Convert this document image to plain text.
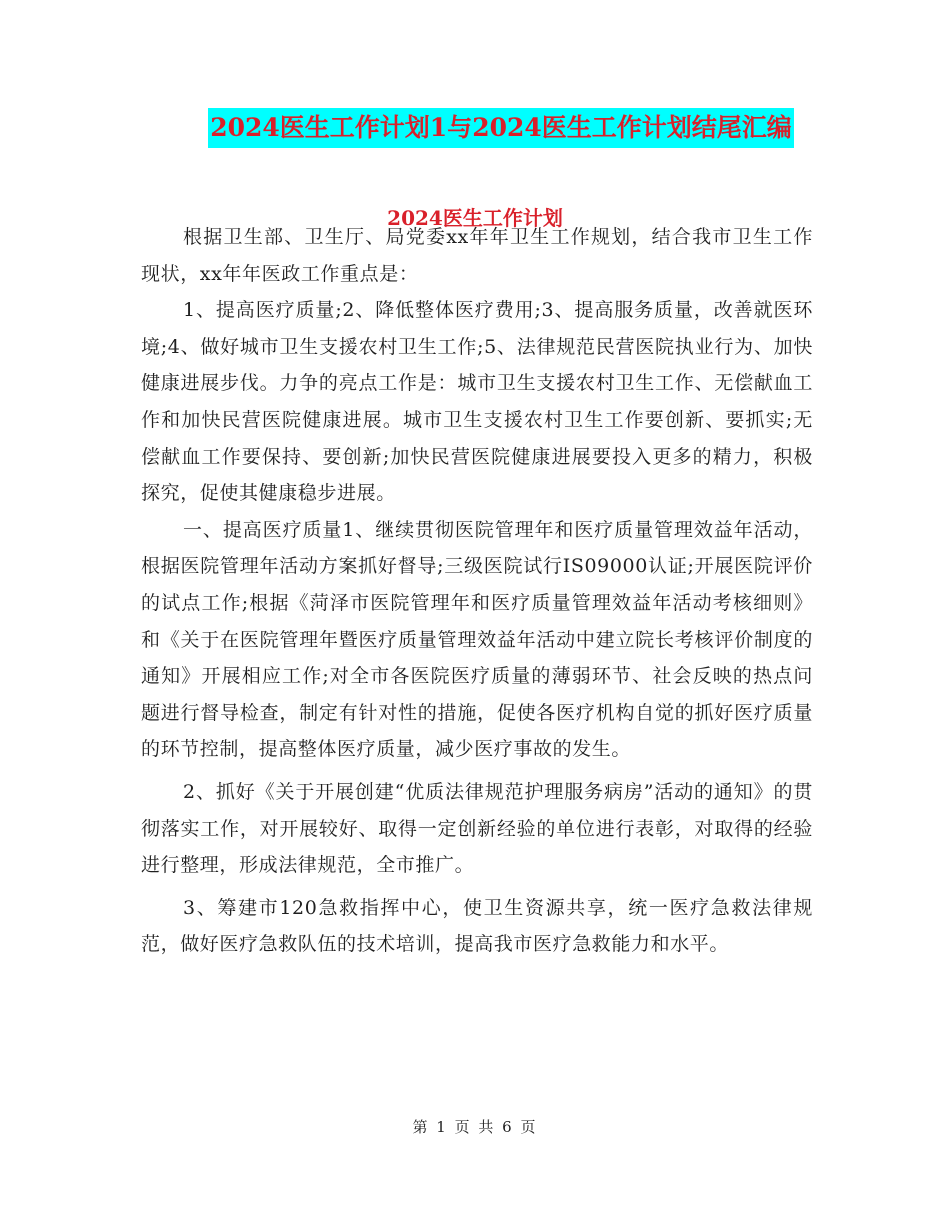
2024医生工作计划1与2024医生工作计划结尾汇编
2024医生工作计划

根据卫生部、卫生厅、局党委xx年年卫生工作规划，结合我市卫生工作现状，xx年年医政工作重点是：

1、提高医疗质量;2、降低整体医疗费用;3、提高服务质量，改善就医环境;4、做好城市卫生支援农村卫生工作;5、法律规范民营医院执业行为、加快健康进展步伐。力争的亮点工作是：城市卫生支援农村卫生工作、无偿献血工作和加快民营医院健康进展。城市卫生支援农村卫生工作要创新、要抓实;无偿献血工作要保持、要创新;加快民营医院健康进展要投入更多的精力，积极探究，促使其健康稳步进展。

一、提高医疗质量1、继续贯彻医院管理年和医疗质量管理效益年活动，根据医院管理年活动方案抓好督导;三级医院试行IS09000认证;开展医院评价的试点工作;根据《菏泽市医院管理年和医疗质量管理效益年活动考核细则》和《关于在医院管理年暨医疗质量管理效益年活动中建立院长考核评价制度的通知》开展相应工作;对全市各医院医疗质量的薄弱环节、社会反映的热点问题进行督导检查，制定有针对性的措施，促使各医疗机构自觉的抓好医疗质量的环节控制，提高整体医疗质量，减少医疗事故的发生。

2、抓好《关于开展创建“优质法律规范护理服务病房”活动的通知》的贯彻落实工作，对开展较好、取得一定创新经验的单位进行表彰，对取得的经验进行整理，形成法律规范，全市推广。

3、筹建市120急救指挥中心，使卫生资源共享，统一医疗急救法律规范，做好医疗急救队伍的技术培训，提高我市医疗急救能力和水平。

第 1 页 共 6 页
